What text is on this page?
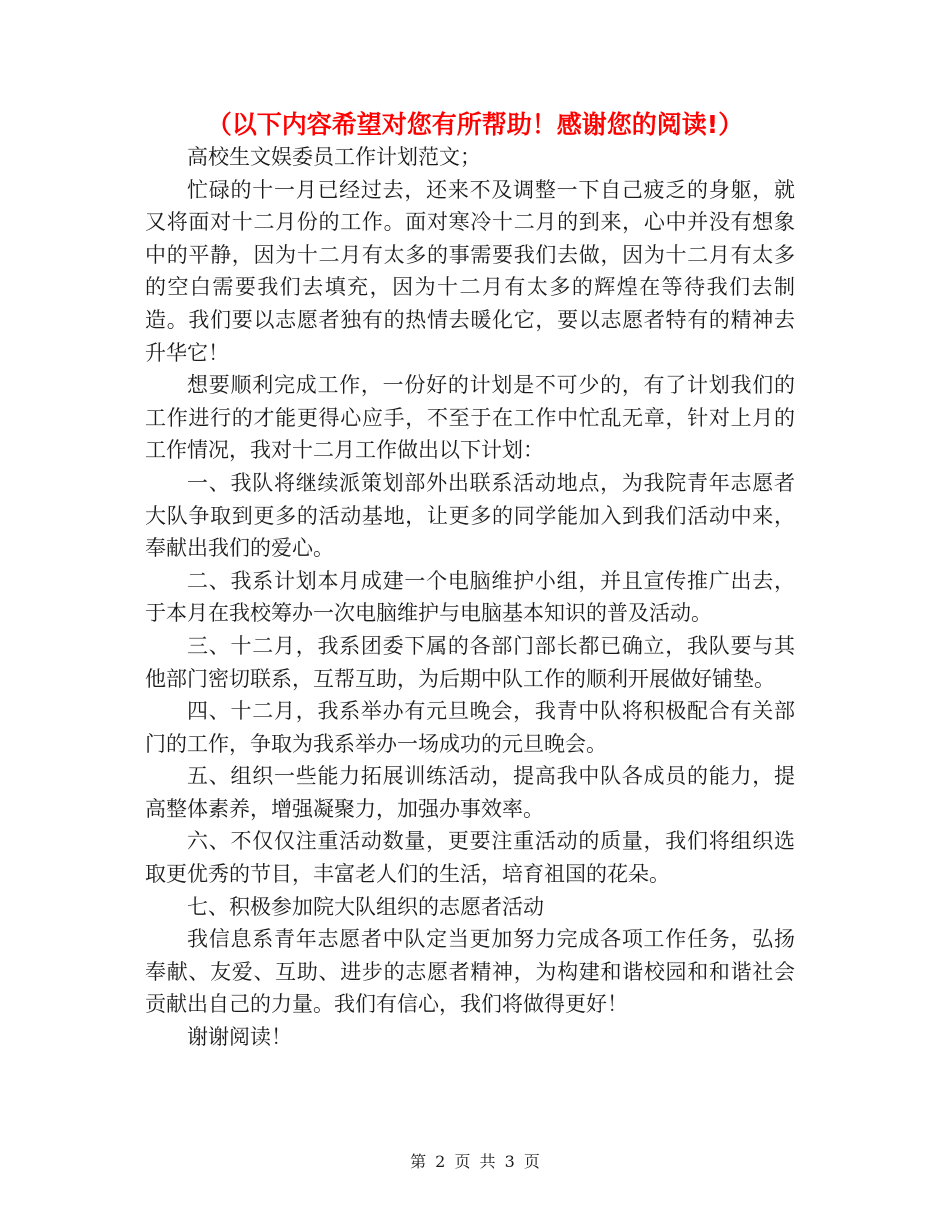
（以下内容希望对您有所帮助！感谢您的阅读!）

高校生文娱委员工作计划范文；

忙碌的十一月已经过去，还来不及调整一下自己疲乏的身躯，就又将面对十二月份的工作。面对寒冷十二月的到来，心中并没有想象中的平静，因为十二月有太多的事需要我们去做，因为十二月有太多的空白需要我们去填充，因为十二月有太多的辉煌在等待我们去制造。我们要以志愿者独有的热情去暖化它，要以志愿者特有的精神去升华它！

想要顺利完成工作，一份好的计划是不可少的，有了计划我们的工作进行的才能更得心应手，不至于在工作中忙乱无章，针对上月的工作情况，我对十二月工作做出以下计划：

一、我队将继续派策划部外出联系活动地点，为我院青年志愿者大队争取到更多的活动基地，让更多的同学能加入到我们活动中来，奉献出我们的爱心。

二、我系计划本月成建一个电脑维护小组，并且宣传推广出去，于本月在我校筹办一次电脑维护与电脑基本知识的普及活动。

三、十二月，我系团委下属的各部门部长都已确立，我队要与其他部门密切联系，互帮互助，为后期中队工作的顺利开展做好铺垫。

四、十二月，我系举办有元旦晚会，我青中队将积极配合有关部门的工作，争取为我系举办一场成功的元旦晚会。

五、组织一些能力拓展训练活动，提高我中队各成员的能力，提高整体素养，增强凝聚力，加强办事效率。

六、不仅仅注重活动数量，更要注重活动的质量，我们将组织选取更优秀的节目，丰富老人们的生活，培育祖国的花朵。

七、积极参加院大队组织的志愿者活动

我信息系青年志愿者中队定当更加努力完成各项工作任务，弘扬奉献、友爱、互助、进步的志愿者精神，为构建和谐校园和和谐社会贡献出自己的力量。我们有信心，我们将做得更好！

谢谢阅读！

第 2 页 共 3 页
